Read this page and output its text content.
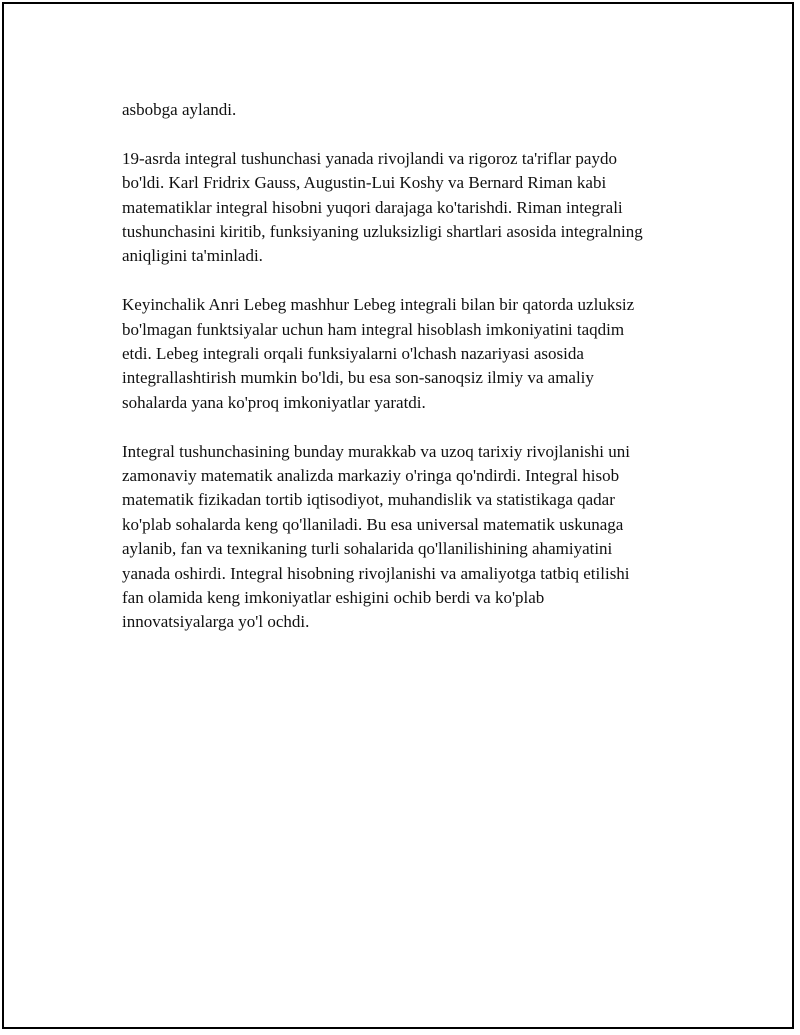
asbobga aylandi.

19-asrda integral tushunchasi yanada rivojlandi va rigoroz ta'riflar paydo
bo'ldi. Karl Fridrix Gauss, Augustin-Lui Koshy va Bernard Riman kabi
matematiklar integral hisobni yuqori darajaga ko'tarishdi. Riman integrali
tushunchasini kiritib, funksiyaning uzluksizligi shartlari asosida integralning
aniqligini ta'minladi.

Keyinchalik Anri Lebeg mashhur Lebeg integrali bilan bir qatorda uzluksiz
bo'lmagan funktsiyalar uchun ham integral hisoblash imkoniyatini taqdim
etdi. Lebeg integrali orqali funksiyalarni o'lchash nazariyasi asosida
integrallashtirish mumkin bo'ldi, bu esa son-sanoqsiz ilmiy va amaliy
sohalarda yana ko'proq imkoniyatlar yaratdi.

Integral tushunchasining bunday murakkab va uzoq tarixiy rivojlanishi uni
zamonaviy matematik analizda markaziy o'ringa qo'ndirdi. Integral hisob
matematik fizikadan tortib iqtisodiyot, muhandislik va statistikaga qadar
ko'plab sohalarda keng qo'llaniladi. Bu esa universal matematik uskunaga
aylanib, fan va texnikaning turli sohalarida qo'llanilishining ahamiyatini
yanada oshirdi. Integral hisobning rivojlanishi va amaliyotga tatbiq etilishi
fan olamida keng imkoniyatlar eshigini ochib berdi va ko'plab
innovatsiyalarga yo'l ochdi.
